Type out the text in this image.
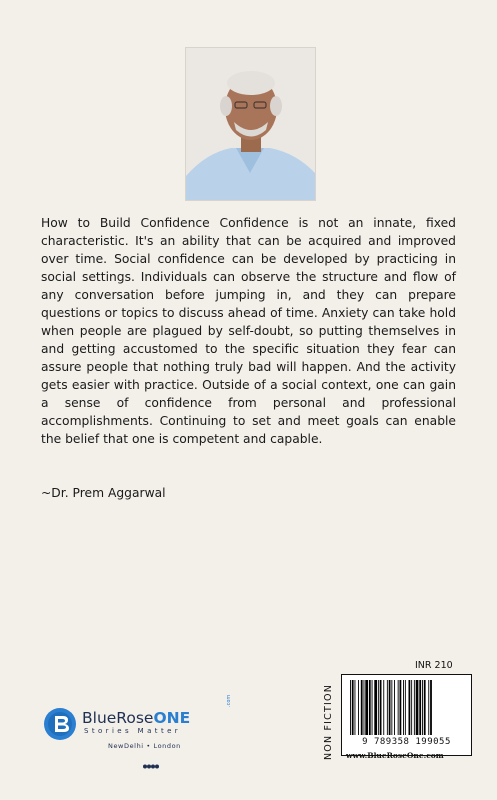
How to Build Confidence Confidence is not an innate, fixed characteristic. It's an ability that can be acquired and improved over time. Social confidence can be developed by practicing in social settings. Individuals can observe the structure and flow of any conversation before jumping in, and they can prepare questions or topics to discuss ahead of time. Anxiety can take hold when people are plagued by self-doubt, so putting themselves in and getting accustomed to the specific situation they fear can assure people that nothing truly bad will happen. And the activity gets easier with practice. Outside of a social context, one can gain a sense of confidence from personal and professional accomplishments. Continuing to set and meet goals can enable the belief that one is competent and capable.
~Dr. Prem Aggarwal
INR 210
NON FICTION	9 789358 199055
www.BlueRoseOne.com
BlueRoseONE
.com
Stories Matter
NewDelhi • London
